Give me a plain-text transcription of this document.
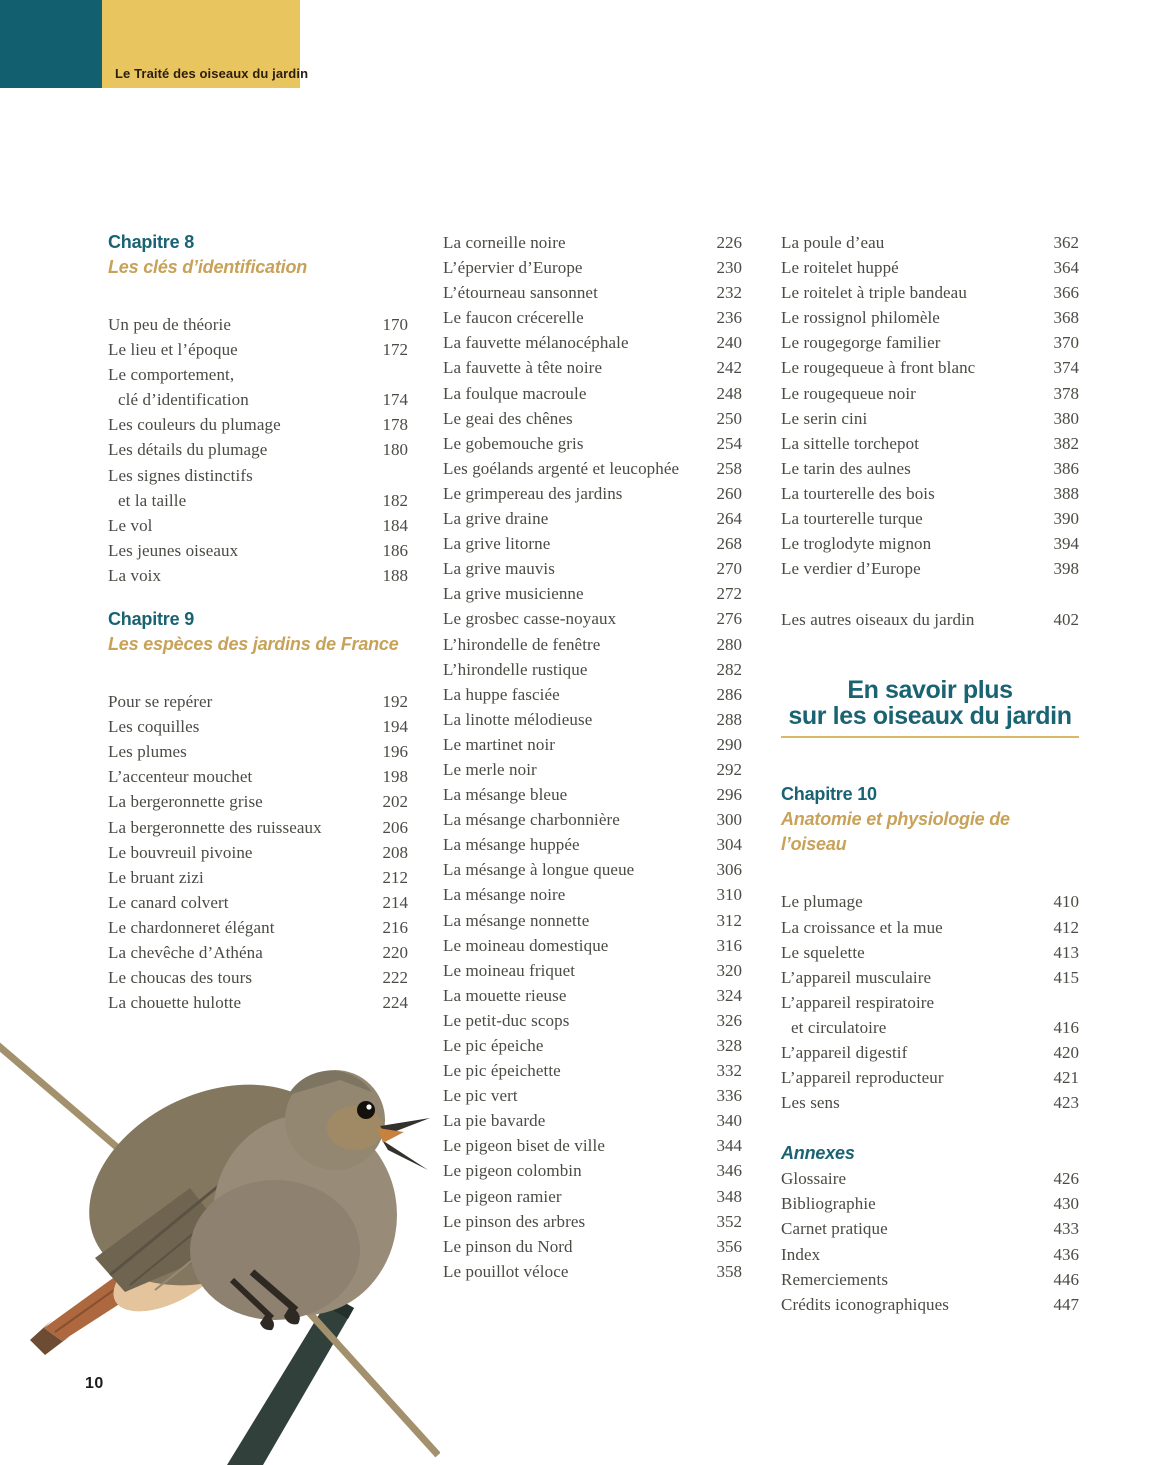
Le Traité des oiseaux du jardin
Chapitre 8
Les clés d’identification
Un peu de théorie	170
Le lieu et l’époque	172
Le comportement,
clé d’identification	174
Les couleurs du plumage	178
Les détails du plumage	180
Les signes distinctifs
et la taille	182
Le vol	184
Les jeunes oiseaux	186
La voix	188
Chapitre 9
Les espèces des jardins de France
Pour se repérer	192
Les coquilles	194
Les plumes	196
L’accenteur mouchet	198
La bergeronnette grise	202
La bergeronnette des ruisseaux	206
Le bouvreuil pivoine	208
Le bruant zizi	212
Le canard colvert	214
Le chardonneret élégant	216
La chevêche d’Athéna	220
Le choucas des tours	222
La chouette hulotte	224
La corneille noire	226
L’épervier d’Europe	230
L’étourneau sansonnet	232
Le faucon crécerelle	236
La fauvette mélanocéphale	240
La fauvette à tête noire	242
La foulque macroule	248
Le geai des chênes	250
Le gobemouche gris	254
Les goélands argenté et leucophée 258
Le grimpereau des jardins	260
La grive draine	264
La grive litorne	268
La grive mauvis	270
La grive musicienne	272
Le grosbec casse-noyaux	276
L’hirondelle de fenêtre	280
L’hirondelle rustique	282
La huppe fasciée	286
La linotte mélodieuse	288
Le martinet noir	290
Le merle noir	292
La mésange bleue	296
La mésange charbonnière	300
La mésange huppée	304
La mésange à longue queue	306
La mésange noire	310
La mésange nonnette	312
Le moineau domestique	316
Le moineau friquet	320
La mouette rieuse	324
Le petit-duc scops	326
Le pic épeiche	328
Le pic épeichette	332
Le pic vert	336
La pie bavarde	340
Le pigeon biset de ville	344
Le pigeon colombin	346
Le pigeon ramier	348
Le pinson des arbres	352
Le pinson du Nord	356
Le pouillot véloce	358
La poule d’eau	362
Le roitelet huppé	364
Le roitelet à triple bandeau	366
Le rossignol philomèle	368
Le rougegorge familier	370
Le rougequeue à front blanc	374
Le rougequeue noir	378
Le serin cini	380
La sittelle torchepot	382
Le tarin des aulnes	386
La tourterelle des bois	388
La tourterelle turque	390
Le troglodyte mignon	394
Le verdier d’Europe	398
Les autres oiseaux du jardin	402
En savoir plus
sur les oiseaux du jardin
Chapitre 10
Anatomie et physiologie de l’oiseau
Le plumage	410
La croissance et la mue	412
Le squelette	413
L’appareil musculaire	415
L’appareil respiratoire
et circulatoire	416
L’appareil digestif	420
L’appareil reproducteur	421
Les sens	423
Annexes
Glossaire	426
Bibliographie	430
Carnet pratique	433
Index	436
Remerciements	446
Crédits iconographiques	447
10
